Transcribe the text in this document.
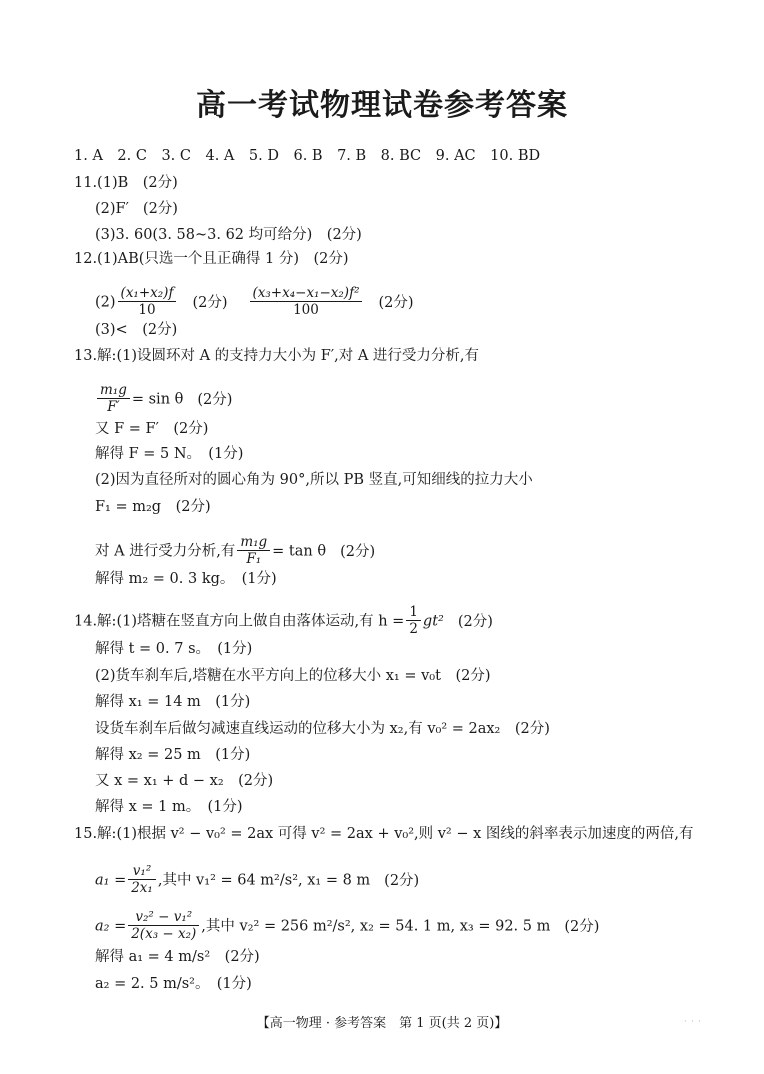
高一考试物理试卷参考答案
1. A　2. C　3. C　4. A　5. D　6. B　7. B　8. BC　9. AC　10. BD
11.(1)B　(2分)
(2)F′ (2分)
(3)3. 60(3. 58~3. 62 均可给分)　(2分)
12.(1)AB(只选一个且正确得 1 分)　(2分)
$(2) \frac{\text{(x₁+x₂)f}}{10} (2$分) $\frac{\text{(x₃+x₄−x₁−x₂)f²}}{100} (2$分)
(3)<　(2分)
13.解:(1)设圆环对 A 的支持力大小为 F′,对 A 进行受力分析,有
$\frac{\text{m₁g}}{F'} = \sin \theta$ (2分)
又 F = F′　(2分)
解得 F = 5 N。　(1分)
(2)因为直径所对的圆心角为 90°,所以 PB 竖直,可知细线的拉力大小
F₁ = m₂g　(2分)
对 A 进行受力分析,有 $\frac{\text{m₁g}}{\text{F₁}} = \tan \theta$ (2分)
解得 m₂ = 0. 3 kg。　(1分)
14.解:(1)塔糖在竖直方向上做自由落体运动,有 $h = \frac{1}{2} gt^2$ (2分)
解得 t = 0. 7 s。　(1分)
(2)货车刹车后,塔糖在水平方向上的位移大小 x₁ = v₀t　(2分)
解得 x₁ = 14 m　(1分)
设货车刹车后做匀减速直线运动的位移大小为 x₂,有 v₀² = 2ax₂　(2分)
解得 x₂ = 25 m　(1分)
又 x = x₁ + d − x₂　(2分)
解得 x = 1 m。　(1分)
15.解:(1)根据 v² − v₀² = 2ax 可得 v² = 2ax + v₀²,则 v² − x 图线的斜率表示加速度的两倍,有
$a_1 = \frac{\text{v₁²}}{\text{2x₁}}$ ,其中 v₁² = 64 m²/s², x₁ = 8 m (2分)
$a_2 = \frac{\text{v₂² − v₁²}}{\text{2(x₃ − x₂)}}$ ,其中 v₂² = 256 m²/s², x₂ = 54. 1 m, x₃ = 92. 5 m (2分)
解得 a₁ = 4 m/s²　(2分)
a₂ = 2. 5 m/s²。　(1分)
【高一物理 · 参考答案　第 1 页(共 2 页)】	· · ·
